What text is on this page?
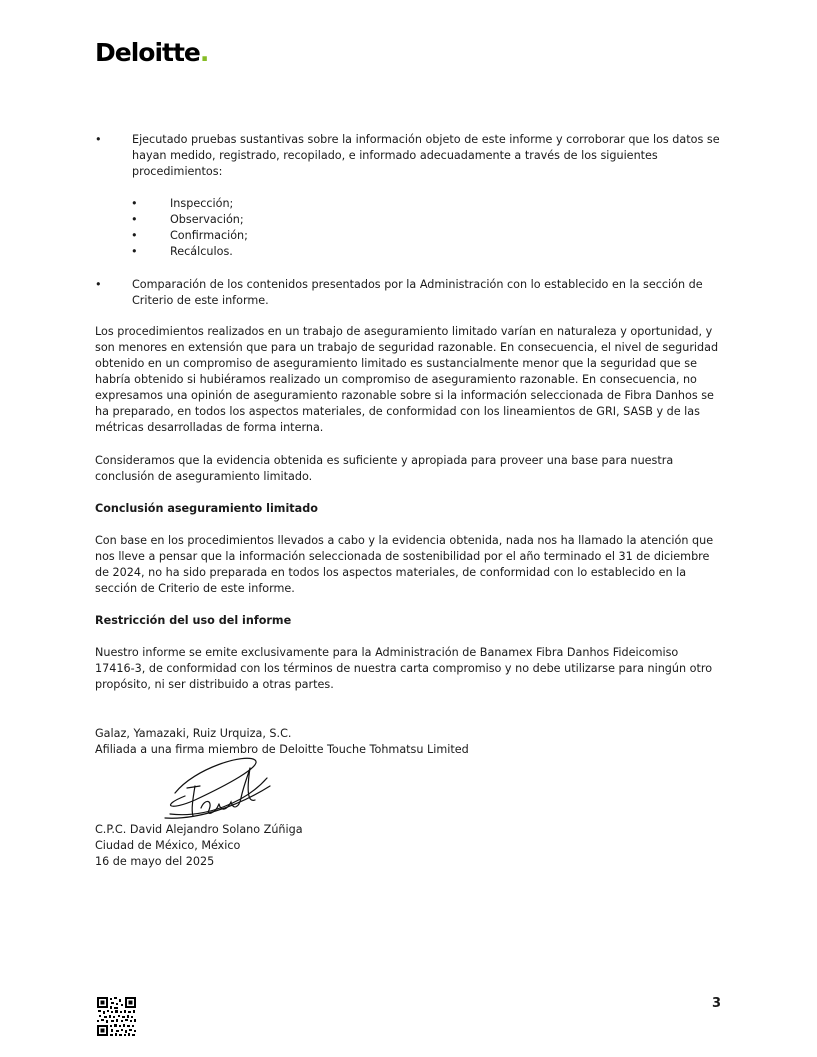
Deloitte.
•	Ejecutado pruebas sustantivas sobre la información objeto de este informe y corroborar que los datos se hayan medido, registrado, recopilado, e informado adecuadamente a través de los siguientes procedimientos:
•	Inspección;
•	Observación;
•	Confirmación;
•	Recálculos.
•	Comparación de los contenidos presentados por la Administración con lo establecido en la sección de Criterio de este informe.
Los procedimientos realizados en un trabajo de aseguramiento limitado varían en naturaleza y oportunidad, y son menores en extensión que para un trabajo de seguridad razonable. En consecuencia, el nivel de seguridad obtenido en un compromiso de aseguramiento limitado es sustancialmente menor que la seguridad que se habría obtenido si hubiéramos realizado un compromiso de aseguramiento razonable. En consecuencia, no expresamos una opinión de aseguramiento razonable sobre si la información seleccionada de Fibra Danhos se ha preparado, en todos los aspectos materiales, de conformidad con los lineamientos de GRI, SASB y de las métricas desarrolladas de forma interna.
Consideramos que la evidencia obtenida es suficiente y apropiada para proveer una base para nuestra conclusión de aseguramiento limitado.
Conclusión aseguramiento limitado
Con base en los procedimientos llevados a cabo y la evidencia obtenida, nada nos ha llamado la atención que nos lleve a pensar que la información seleccionada de sostenibilidad por el año terminado el 31 de diciembre de 2024, no ha sido preparada en todos los aspectos materiales, de conformidad con lo establecido en la sección de Criterio de este informe.
Restricción del uso del informe
Nuestro informe se emite exclusivamente para la Administración de Banamex Fibra Danhos Fideicomiso 17416-3, de conformidad con los términos de nuestra carta compromiso y no debe utilizarse para ningún otro propósito, ni ser distribuido a otras partes.
Galaz, Yamazaki, Ruiz Urquiza, S.C.
Afiliada a una firma miembro de Deloitte Touche Tohmatsu Limited
C.P.C. David Alejandro Solano Zúñiga
Ciudad de México, México
16 de mayo del 2025
3
